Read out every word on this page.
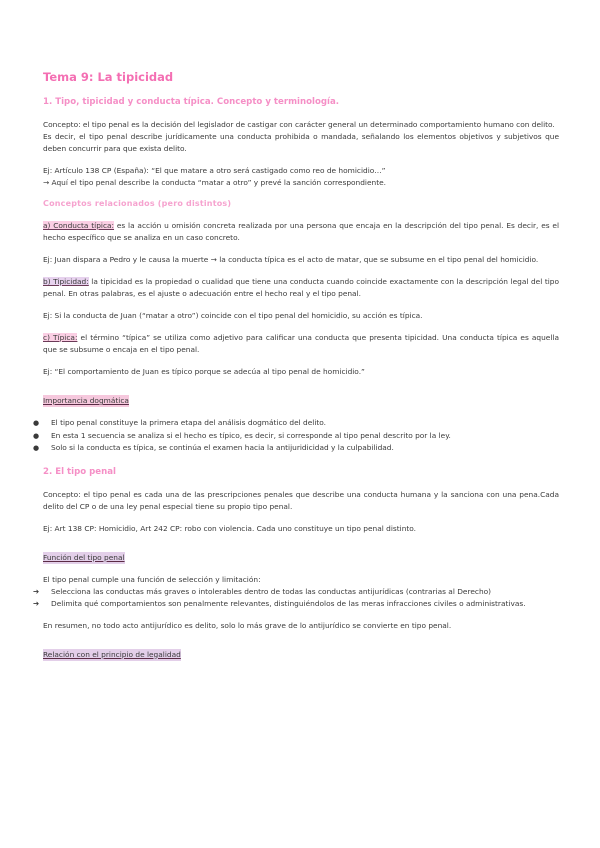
Tema 9: La tipicidad
1. Tipo, tipicidad y conducta típica. Concepto y terminología.

Concepto: el tipo penal es la decisión del legislador de castigar con carácter general un determinado comportamiento humano con delito.

Es decir, el tipo penal describe jurídicamente una conducta prohibida o mandada, señalando los elementos objetivos y subjetivos que deben concurrir para que exista delito.

Ej: Artículo 138 CP (España): “El que matare a otro será castigado como reo de homicidio…”

→ Aquí el tipo penal describe la conducta “matar a otro” y prevé la sanción correspondiente.

Conceptos relacionados (pero distintos)

a) Conducta típica: es la acción u omisión concreta realizada por una persona que encaja en la descripción del tipo penal. Es decir, es el hecho específico que se analiza en un caso concreto.

Ej: Juan dispara a Pedro y le causa la muerte → la conducta típica es el acto de matar, que se subsume en el tipo penal del homicidio.

b) Tipicidad: la tipicidad es la propiedad o cualidad que tiene una conducta cuando coincide exactamente con la descripción legal del tipo penal. En otras palabras, es el ajuste o adecuación entre el hecho real y el tipo penal.

Ej: Si la conducta de Juan (“matar a otro”) coincide con el tipo penal del homicidio, su acción es típica.

c) Típica: el término “típica” se utiliza como adjetivo para calificar una conducta que presenta tipicidad. Una conducta típica es aquella que se subsume o encaja en el tipo penal.

Ej: “El comportamiento de Juan es típico porque se adecúa al tipo penal de homicidio.”

Importancia dogmática
● El tipo penal constituye la primera etapa del análisis dogmático del delito.
● En esta 1 secuencia se analiza si el hecho es típico, es decir, si corresponde al tipo penal descrito por la ley.
● Solo si la conducta es típica, se continúa el examen hacia la antijuridicidad y la culpabilidad.
2. El tipo penal

Concepto: el tipo penal es cada una de las prescripciones penales que describe una conducta humana y la sanciona con una pena.Cada delito del CP o de una ley penal especial tiene su propio tipo penal.

Ej: Art 138 CP: Homicidio, Art 242 CP: robo con violencia. Cada uno constituye un tipo penal distinto.

Función del tipo penal

El tipo penal cumple una función de selección y limitación:

➔ Selecciona las conductas más graves o intolerables dentro de todas las conductas antijurídicas (contrarias al Derecho)
➔ Delimita qué comportamientos son penalmente relevantes, distinguiéndolos de las meras infracciones civiles o administrativas.

En resumen, no todo acto antijurídico es delito, solo lo más grave de lo antijurídico se convierte en tipo penal.

Relación con el principio de legalidad
